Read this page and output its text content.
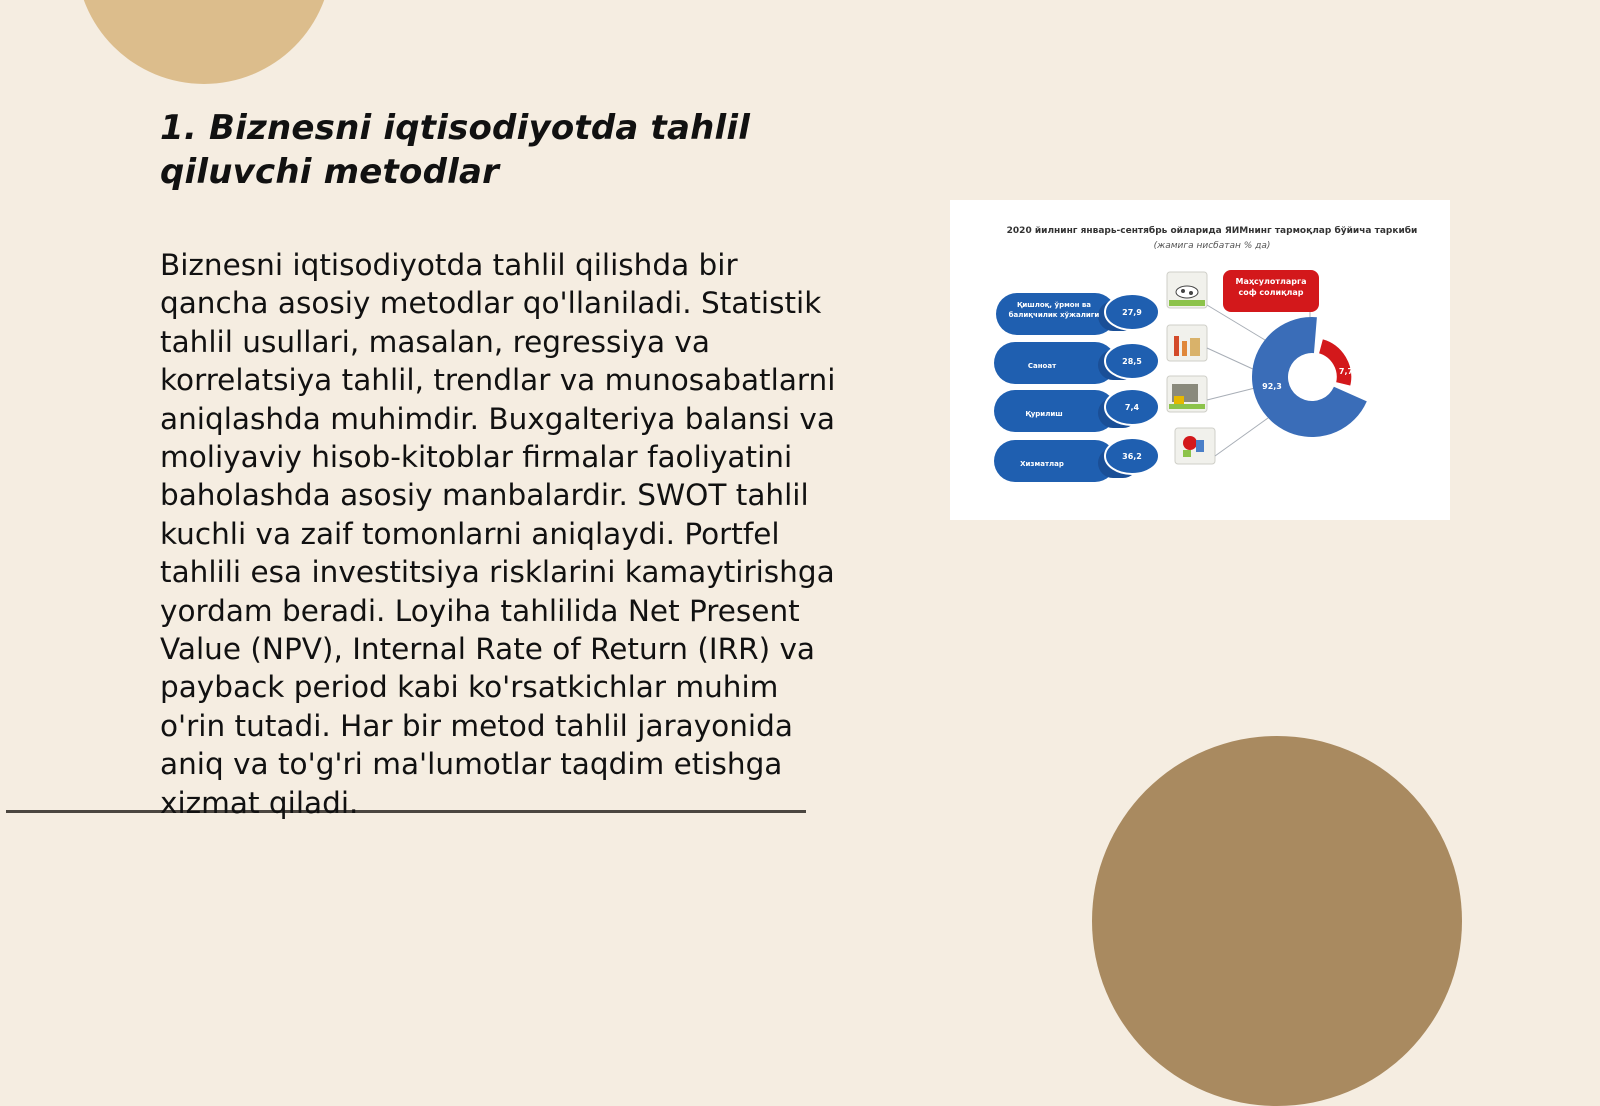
1. Biznesni iqtisodiyotda tahlil
qiluvchi metodlar

Biznesni iqtisodiyotda tahlil qilishda bir qancha asosiy metodlar qo'llaniladi. Statistik tahlil usullari, masalan, regressiya va korrelatsiya tahlil, trendlar va munosabatlarni aniqlashda muhimdir. Buxgalteriya balansi va moliyaviy hisob-kitoblar firmalar faoliyatini baholashda asosiy manbalardir. SWOT tahlil kuchli va zaif tomonlarni aniqlaydi. Portfel tahlili esa investitsiya risklarini kamaytirishga yordam beradi. Loyiha tahlilida Net Present Value (NPV), Internal Rate of Return (IRR) va payback period kabi ko'rsatkichlar muhim o'rin tutadi. Har bir metod tahlil jarayonida aniq va to'g'ri ma'lumotlar taqdim etishga xizmat qiladi.

2020 йилнинг январь-сентябрь ойларида ЯИМнинг тармоқлар бўйича таркиби
(жамига нисбатан % да)
Қишлоқ, ўрмон ва балиқчилик хўжалиги	27,9
Саноат	28,5
Қурилиш
7,4
Хизматлар
36,2
Маҳсулотларга соф солиқлар
92,3
7,7
